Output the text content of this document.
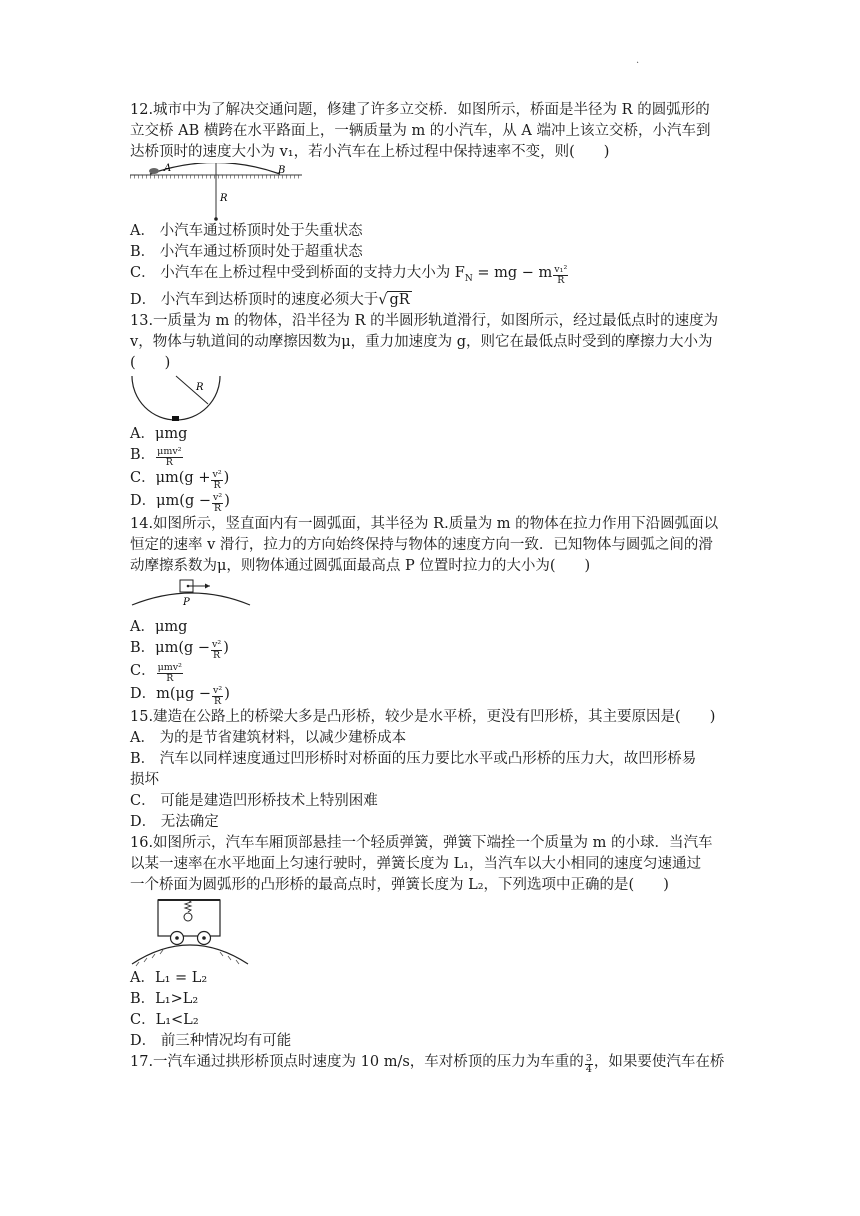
·
12.城市中为了解决交通问题，修建了许多立交桥．如图所示，桥面是半径为 R 的圆弧形的
立交桥 AB 横跨在水平路面上，一辆质量为 m 的小汽车，从 A 端冲上该立交桥，小汽车到
达桥顶时的速度大小为 v₁，若小汽车在上桥过程中保持速率不变，则(　　)
A	B
R
A． 小汽车通过桥顶时处于失重状态
B． 小汽车通过桥顶时处于超重状态
C． 小汽车在上桥过程中受到桥面的支持力大小为 $F_N$ = mg − m $\frac{\text{v₁²}}{R}$
D． 小汽车到达桥顶时的速度必须大于√ gR
13.一质量为 m 的物体，沿半径为 R 的半圆形轨道滑行，如图所示，经过最低点时的速度为
v，物体与轨道间的动摩擦因数为μ，重力加速度为 g，则它在最低点时受到的摩擦力大小为
(　　)
R
A．μmg
B． $\frac{\text{μmv²}}{R}$
C．$\mu m(g + \frac{\text{v²}}{R}$ )
D．$\mu m(g - \frac{\text{v²}}{R}$ )
14.如图所示，竖直面内有一圆弧面，其半径为 R.质量为 m 的物体在拉力作用下沿圆弧面以
恒定的速率 v 滑行，拉力的方向始终保持与物体的速度方向一致．已知物体与圆弧之间的滑
动摩擦系数为μ，则物体通过圆弧面最高点 P 位置时拉力的大小为(　　)
P
A．μmg
B．$\mu m(g - \frac{\text{v²}}{R}$ )
C． $\frac{\text{μmv²}}{R}$
D．$m(\mu g - \frac{\text{v²}}{R}$ )
15.建造在公路上的桥梁大多是凸形桥，较少是水平桥，更没有凹形桥，其主要原因是(　　)
A． 为的是节省建筑材料，以减少建桥成本
B． 汽车以同样速度通过凹形桥时对桥面的压力要比水平或凸形桥的压力大，故凹形桥易
损坏
C． 可能是建造凹形桥技术上特别困难
D． 无法确定
16.如图所示，汽车车厢顶部悬挂一个轻质弹簧，弹簧下端拴一个质量为 m 的小球．当汽车
以某一速率在水平地面上匀速行驶时，弹簧长度为 L₁，当汽车以大小相同的速度匀速通过
一个桥面为圆弧形的凸形桥的最高点时，弹簧长度为 L₂，下列选项中正确的是(　　)
A．L₁ = L₂
B．L₁>L₂
C．L₁<L₂
D． 前三种情况均有可能
17.一汽车通过拱形桥顶点时速度为 10 m/s，车对桥顶的压力为车重的 $\frac{3}{4}$ ，如果要使汽车在桥
